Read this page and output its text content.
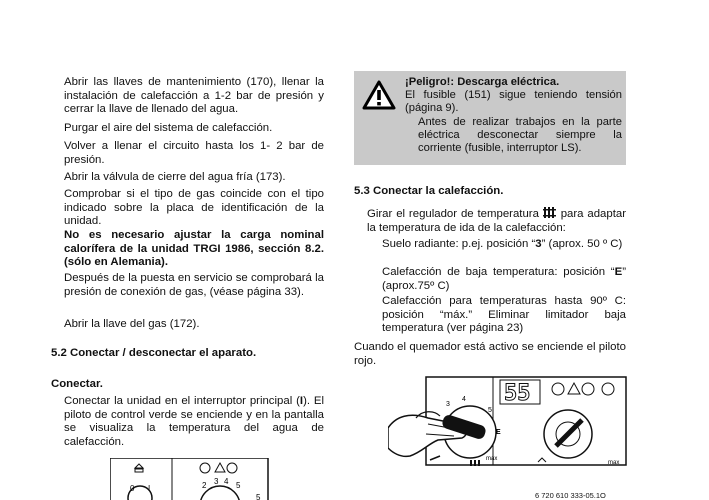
Abrir las llaves de mantenimiento (170), llenar la instalación de calefacción a 1-2 bar de presión y cerrar la llave de llenado del agua.

Purgar el aire del sistema de calefacción.

Volver a llenar el circuito hasta los 1- 2 bar de presión.

Abrir la válvula de cierre del agua fría (173).

Comprobar si el tipo de gas coincide con el tipo indicado sobre la placa de identificación de la unidad.

No es necesario ajustar la carga nominal calorífera de la unidad TRGI 1986, sección 8.2. (sólo en Alemania).

Después de la puesta en servicio se comprobará la presión de conexión de gas, (véase página 33).

Abrir la llave del gas (172).

5.2 Conectar / desconectar el aparato.
Conectar.

Conectar la unidad en el interruptor principal (I). El piloto de control verde se enciende y en la pantalla se visualiza la temperatura del agua de calefacción.

0 I	2 3 4 5
5

¡Peligro!: Descarga eléctrica.

El fusible (151) sigue teniendo tensión (página 9).

Antes de realizar trabajos en la parte eléctrica desconectar siempre la corriente (fusible, interruptor LS).

5.3 Conectar la calefacción.

Girar el regulador de temperatura para adaptar la temperatura de ida de la calefacción:

Suelo radiante: p.ej. posición “3” (aprox. 50 º C)

Calefacción de baja temperatura: posición “E” (aprox.75º C)

Calefacción para temperaturas hasta 90º C: posición “máx.” Eliminar limitador baja temperatura (ver página 23)

Cuando el quemador está activo se enciende el piloto rojo.

55
3
4
5
E
max
max
6 720 610 333-05.1O
